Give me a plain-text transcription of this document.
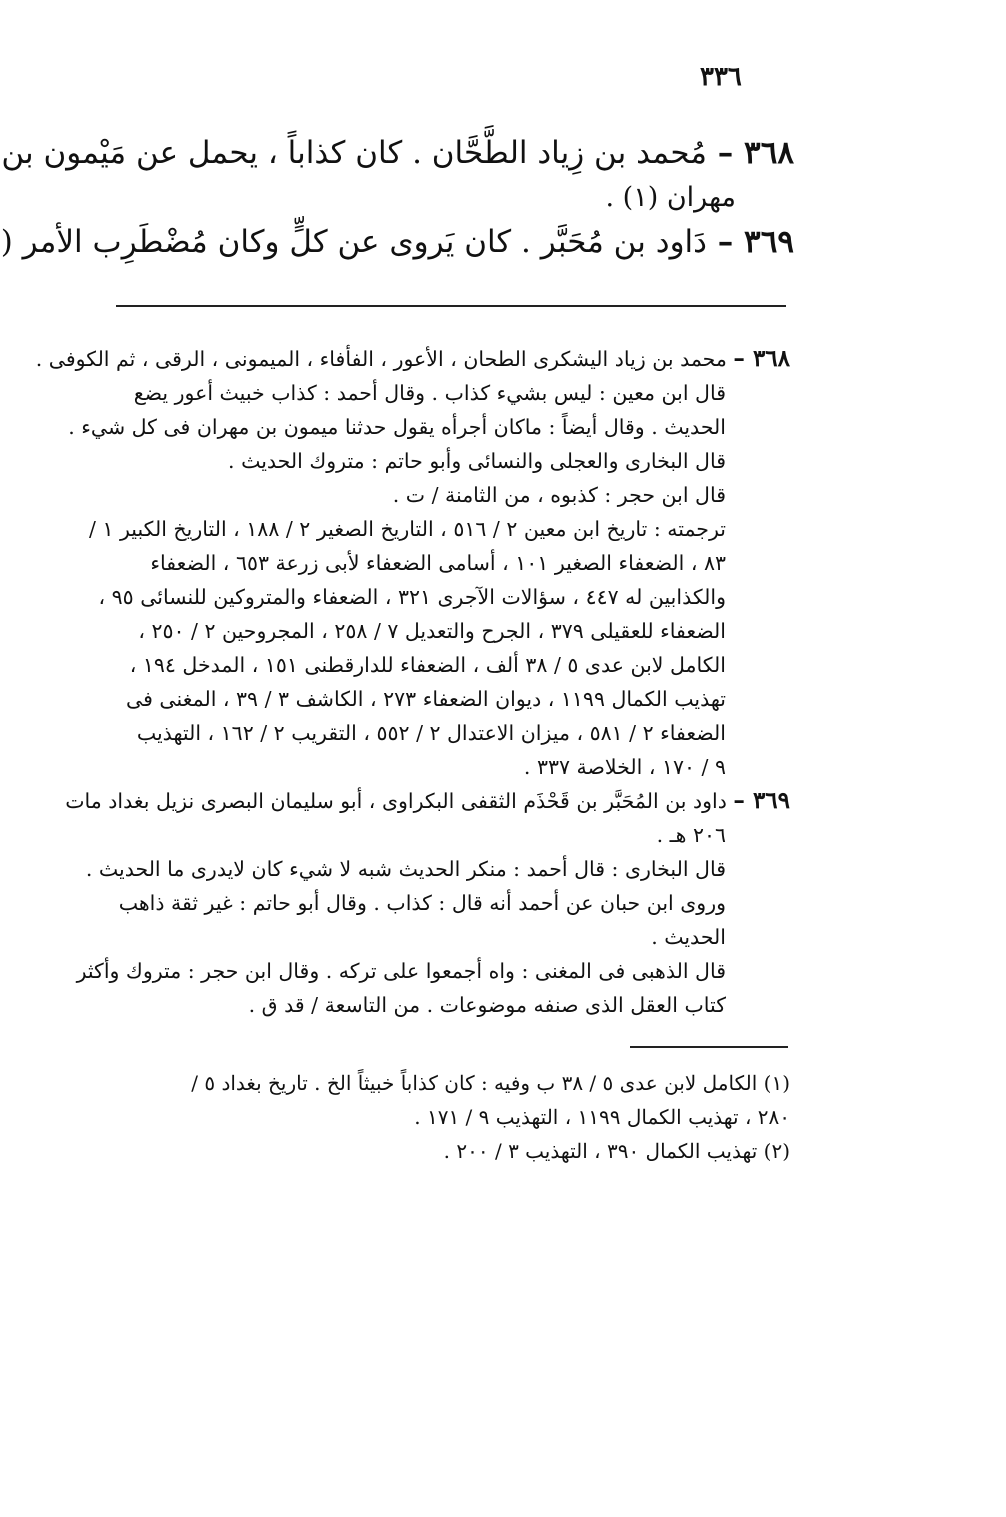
٣٣٦
٣٦٨ – مُحمد بن زِياد الطَّحَّان . كان كذاباً ، يحمل عن مَيْمون بن
مهران (١) .
٣٦٩ – دَاود بن مُحَبَّر . كان يَروى عن كلٍّ وكان مُضْطَرِب الأمر (
٣٦٨ – محمد بن زياد اليشكرى الطحان ، الأعور ، الفأفاء ، الميمونى ، الرقى ، ثم الكوفى .
قال ابن معين : ليس بشيء كذاب . وقال أحمد : كذاب خبيث أعور يضع
الحديث . وقال أيضاً : ماكان أجرأه يقول حدثنا ميمون بن مهران فى كل شيء .
قال البخارى والعجلى والنسائى وأبو حاتم : متروك الحديث .
قال ابن حجر : كذبوه ، من الثامنة / ت .
ترجمته : تاريخ ابن معين ٢ / ٥١٦ ، التاريخ الصغير ٢ / ١٨٨ ، التاريخ الكبير ١ /
٨٣ ، الضعفاء الصغير ١٠١ ، أسامى الضعفاء لأبى زرعة ٦٥٣ ، الضعفاء
والكذابين له ٤٤٧ ، سؤالات الآجرى ٣٢١ ، الضعفاء والمتروكين للنسائى ٩٥ ،
الضعفاء للعقيلى ٣٧٩ ، الجرح والتعديل ٧ / ٢٥٨ ، المجروحين ٢ / ٢٥٠ ،
الكامل لابن عدى ٥ / ٣٨ ألف ، الضعفاء للدارقطنى ١٥١ ، المدخل ١٩٤ ،
تهذيب الكمال ١١٩٩ ، ديوان الضعفاء ٢٧٣ ، الكاشف ٣ / ٣٩ ، المغنى فى
الضعفاء ٢ / ٥٨١ ، ميزان الاعتدال ٢ / ٥٥٢ ، التقريب ٢ / ١٦٢ ، التهذيب
٩ / ١٧٠ ، الخلاصة ٣٣٧ .
٣٦٩ – داود بن المُحَبَّر بن قَحْذَم الثقفى البكراوى ، أبو سليمان البصرى نزيل بغداد مات
٢٠٦ هـ .
قال البخارى : قال أحمد : منكر الحديث شبه لا شيء كان لايدرى ما الحديث .
وروى ابن حبان عن أحمد أنه قال : كذاب . وقال أبو حاتم : غير ثقة ذاهب
الحديث .
قال الذهبى فى المغنى : واه أجمعوا على تركه . وقال ابن حجر : متروك وأكثر
كتاب العقل الذى صنفه موضوعات . من التاسعة / قد ق .
(١) الكامل لابن عدى ٥ / ٣٨ ب وفيه : كان كذاباً خبيثاً الخ . تاريخ بغداد ٥ /
٢٨٠ ، تهذيب الكمال ١١٩٩ ، التهذيب ٩ / ١٧١ .
(٢) تهذيب الكمال ٣٩٠ ، التهذيب ٣ / ٢٠٠ .
